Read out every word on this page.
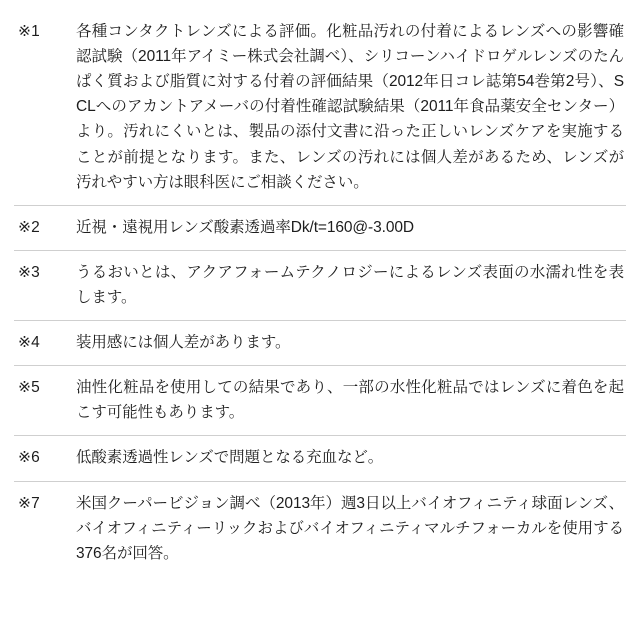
※1	各種コンタクトレンズによる評価。化粧品汚れの付着によるレンズへの影響確認試験（2011年アイミー株式会社調べ）、シリコーンハイドロゲルレンズのたんぱく質および脂質に対する付着の評価結果（2012年日コレ誌第54巻第2号）、SCLへのアカントアメーバの付着性確認試験結果（2011年食品薬安全センター）より。汚れにくいとは、製品の添付文書に沿った正しいレンズケアを実施することが前提となります。また、レンズの汚れには個人差があるため、レンズが汚れやすい方は眼科医にご相談ください。

※2	近視・遠視用レンズ酸素透過率Dk/t=160@-3.00D

※3	うるおいとは、アクアフォームテクノロジーによるレンズ表面の水濡れ性を表します。

※4	装用感には個人差があります。

※5	油性化粧品を使用しての結果であり、一部の水性化粧品ではレンズに着色を起こす可能性もあります。

※6	低酸素透過性レンズで問題となる充血など。

※7	米国クーパービジョン調べ（2013年）週3日以上バイオフィニティ球面レンズ、バイオフィニティーリックおよびバイオフィニティマルチフォーカルを使用する376名が回答。
